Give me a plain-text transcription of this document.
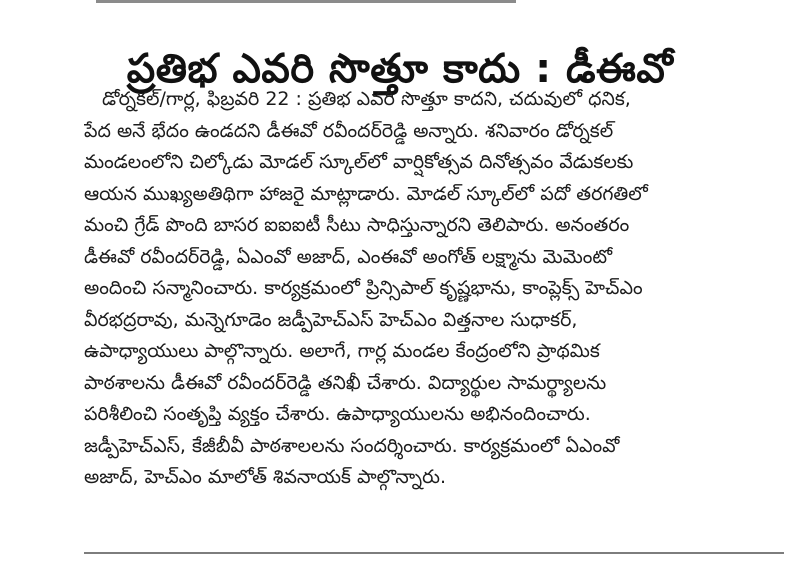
ప్రతిభ ఎవరి సొత్తూ కాదు : డీఈవో
డోర్నకల్/గార్ల, ఫిబ్రవరి 22 : ప్రతిభ ఎవరి సొత్తూ కాదని, చదువులో ధనిక,
పేద అనే భేదం ఉండదని డీఈవో రవీందర్‌రెడ్డి అన్నారు. శనివారం డోర్నకల్
మండలంలోని చిల్కోడు మోడల్ స్కూల్‌లో వార్షికోత్సవ దినోత్సవం వేడుకలకు
ఆయన ముఖ్యఅతిథిగా హాజరై మాట్లాడారు. మోడల్ స్కూల్‌లో పదో తరగతిలో
మంచి గ్రేడ్ పొంది బాసర ఐఐఐటీ సీటు సాధిస్తున్నారని తెలిపారు. అనంతరం
డీఈవో రవీందర్‌రెడ్డి, ఏఎంవో అజాద్, ఎంఈవో అంగోత్ లక్ష్మాను మెమెంటో
అందించి సన్మానించారు. కార్యక్రమంలో ప్రిన్సిపాల్ కృష్ణభాను, కాంప్లెక్స్ హెచ్‌ఎం
వీరభద్రరావు, మన్నెగూడెం జడ్పీహెచ్‌ఎస్ హెచ్‌ఎం విత్తనాల సుధాకర్,
ఉపాధ్యాయులు పాల్గొన్నారు. అలాగే, గార్ల మండల కేంద్రంలోని ప్రాథమిక
పాఠశాలను డీఈవో రవీందర్‌రెడ్డి తనిఖీ చేశారు. విద్యార్థుల సామర్థ్యాలను
పరిశీలించి సంతృప్తి వ్యక్తం చేశారు. ఉపాధ్యాయులను అభినందించారు.
జడ్పీహెచ్‌ఎస్, కేజీబీవీ పాఠశాలలను సందర్శించారు. కార్యక్రమంలో ఏఎంవో
అజాద్, హెచ్‌ఎం మాలోత్ శివనాయక్ పాల్గొన్నారు.
